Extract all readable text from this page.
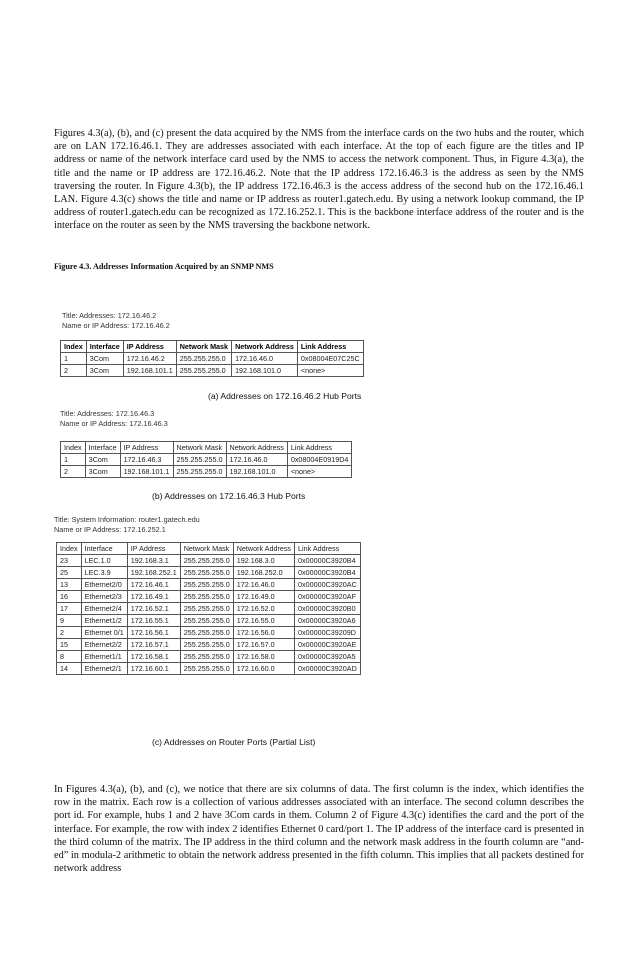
Figures 4.3(a), (b), and (c) present the data acquired by the NMS from the interface cards on the two hubs and the router, which are on LAN 172.16.46.1. They are addresses associated with each interface. At the top of each figure are the titles and IP address or name of the network interface card used by the NMS to access the network component. Thus, in Figure 4.3(a), the title and the name or IP address are 172.16.46.2. Note that the IP address 172.16.46.3 is the address as seen by the NMS traversing the router. In Figure 4.3(b), the IP address 172.16.46.3 is the access address of the second hub on the 172.16.46.1 LAN. Figure 4.3(c) shows the title and name or IP address as router1.gatech.edu. By using a network lookup command, the IP address of router1.gatech.edu can be recognized as 172.16.252.1. This is the backbone interface address of the router and is the interface on the router as seen by the NMS traversing the backbone network.

Figure 4.3. Addresses Information Acquired by an SNMP NMS

Title: Addresses: 172.16.46.2
Name or IP Address: 172.16.46.2
Index	Interface	IP Address	Network Mask	Network Address	Link Address
1	3Com	172.16.46.2	255.255.255.0	172.16.46.0	0x08004E07C25C
2	3Com	192.168.101.1	255.255.255.0	192.168.101.0	<none>
(a) Addresses on 172.16.46.2 Hub Ports
Title: Addresses: 172.16.46.3
Name or IP Address: 172.16.46.3
Index	Interface	IP Address	Network Mask	Network Address	Link Address
1	3Com	172.16.46.3	255.255.255.0	172.16.46.0	0x08004E0919D4
2	3Com	192.168.101.1	255.255.255.0	192.168.101.0	<none>
(b) Addresses on 172.16.46.3 Hub Ports
Title: System Information: router1.gatech.edu
Name or IP Address: 172.16.252.1
Index	Interface	IP Address	Network Mask	Network Address	Link Address
23	LEC.1.0	192.168.3.1	255.255.255.0	192.168.3.0	0x00000C3920B4
25	LEC.3.9	192.168.252.1	255.255.255.0	192.168.252.0	0x00000C3920B4
13	Ethernet2/0	172.16.46.1	255.255.255.0	172.16.46.0	0x00000C3920AC
16	Ethernet2/3	172.16.49.1	255.255.255.0	172.16.49.0	0x00000C3920AF
17	Ethernet2/4	172.16.52.1	255.255.255.0	172.16.52.0	0x00000C3920B0
9	Ethernet1/2	172.16.55.1	255.255.255.0	172.16.55.0	0x00000C3920A6
2	Ethernet 0/1	172.16.56.1	255.255.255.0	172.16.56.0	0x00000C39209D
15	Ethernet2/2	172.16.57.1	255.255.255.0	172.16.57.0	0x00000C3920AE
8	Ethernet1/1	172.16.58.1	255.255.255.0	172.16.58.0	0x00000C3920A5
14	Ethernet2/1	172.16.60.1	255.255.255.0	172.16.60.0	0x00000C3920AD
(c) Addresses on Router Ports (Partial List)

In Figures 4.3(a), (b), and (c), we notice that there are six columns of data. The first column is the index, which identifies the row in the matrix. Each row is a collection of various addresses associated with an interface. The second column describes the port id. For example, hubs 1 and 2 have 3Com cards in them. Column 2 of Figure 4.3(c) identifies the card and the port of the interface. For example, the row with index 2 identifies Ethernet 0 card/port 1. The IP address of the interface card is presented in the third column of the matrix. The IP address in the third column and the network mask address in the fourth column are “and-ed” in modula-2 arithmetic to obtain the network address presented in the fifth column. This implies that all packets destined for network address
